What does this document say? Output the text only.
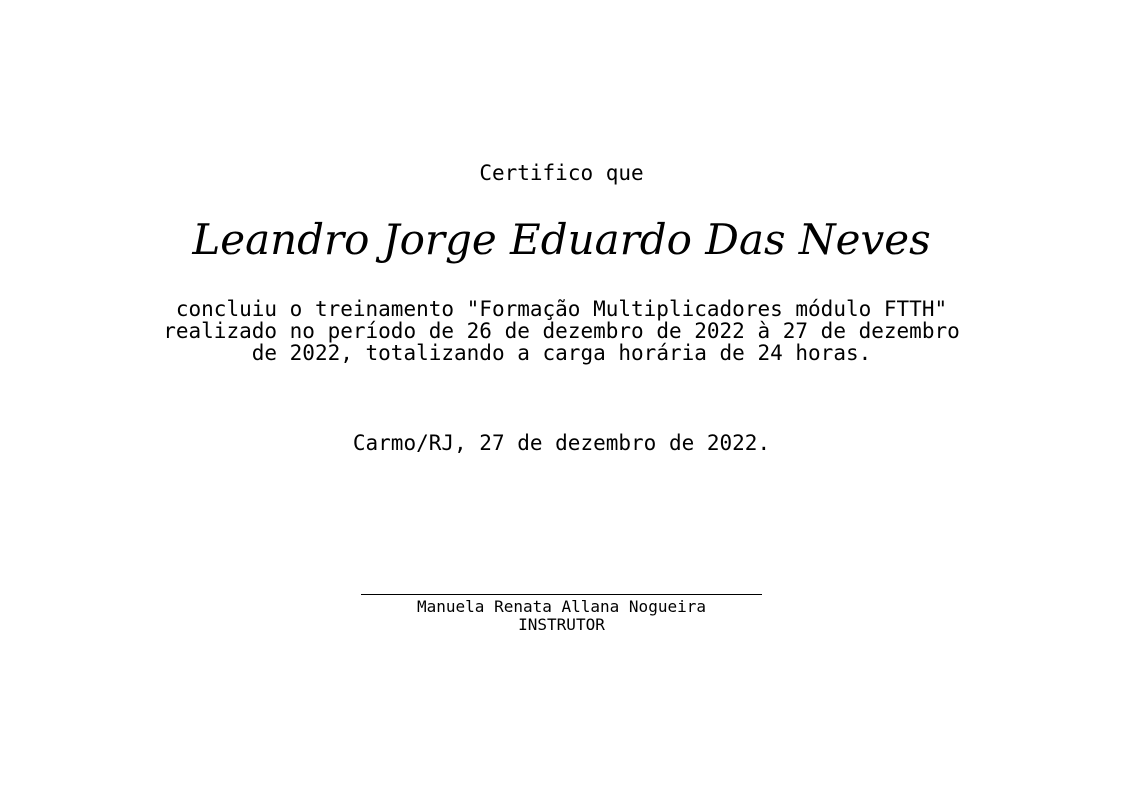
Certifico que
Leandro Jorge Eduardo Das Neves
concluiu o treinamento "Formação Multiplicadores módulo FTTH"
realizado no período de 26 de dezembro de 2022 à 27 de dezembro
de 2022, totalizando a carga horária de 24 horas.
Carmo/RJ, 27 de dezembro de 2022.
Manuela Renata Allana Nogueira
INSTRUTOR
